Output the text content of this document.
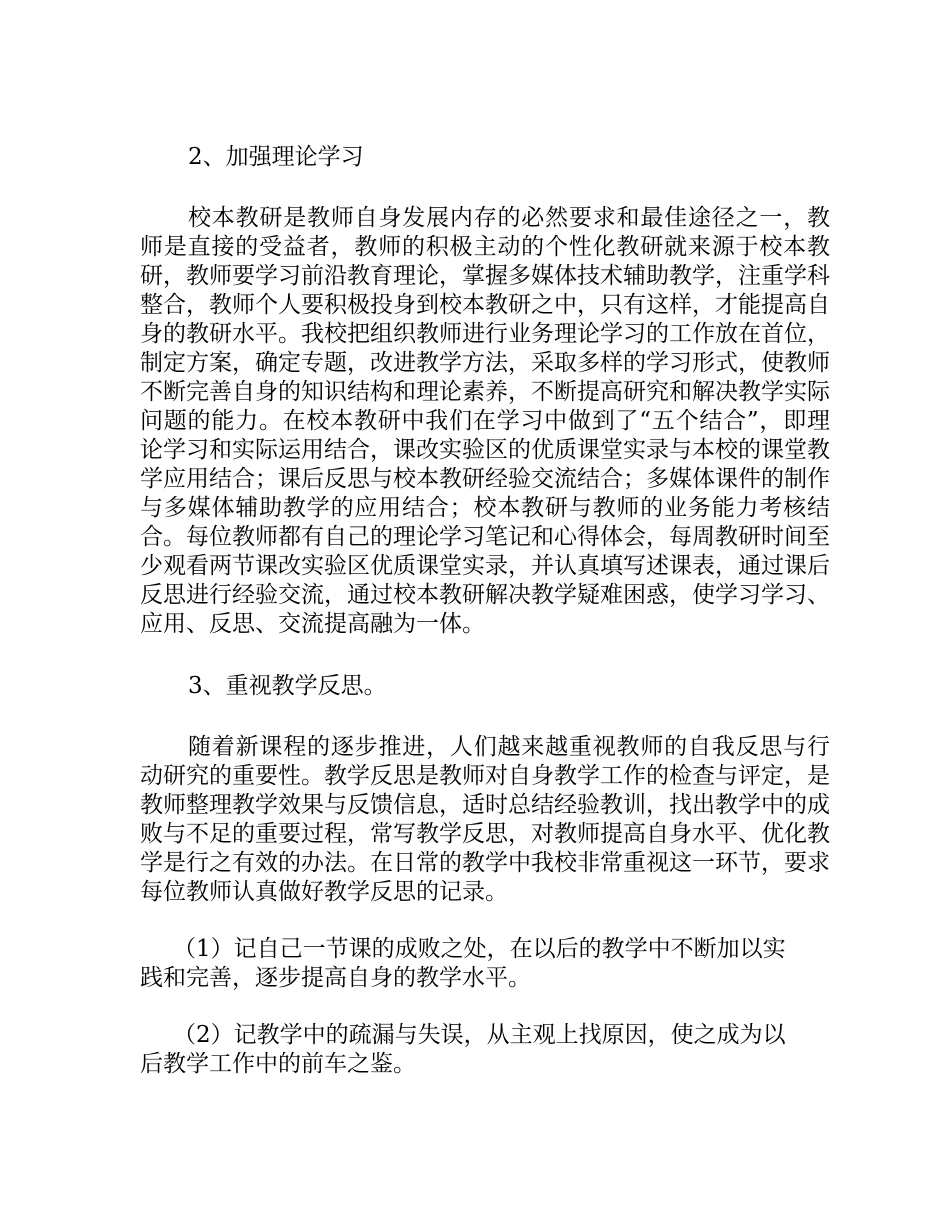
2、加强理论学习

校本教研是教师自身发展内存的必然要求和最佳途径之一，教师是直接的受益者，教师的积极主动的个性化教研就来源于校本教研，教师要学习前沿教育理论，掌握多媒体技术辅助教学，注重学科整合，教师个人要积极投身到校本教研之中，只有这样，才能提高自身的教研水平。我校把组织教师进行业务理论学习的工作放在首位，制定方案，确定专题，改进教学方法，采取多样的学习形式，使教师不断完善自身的知识结构和理论素养，不断提高研究和解决教学实际问题的能力。在校本教研中我们在学习中做到了“五个结合”，即理论学习和实际运用结合，课改实验区的优质课堂实录与本校的课堂教学应用结合；课后反思与校本教研经验交流结合；多媒体课件的制作与多媒体辅助教学的应用结合；校本教研与教师的业务能力考核结合。每位教师都有自己的理论学习笔记和心得体会，每周教研时间至少观看两节课改实验区优质课堂实录，并认真填写述课表，通过课后反思进行经验交流，通过校本教研解决教学疑难困惑，使学习学习、应用、反思、交流提高融为一体。

3、重视教学反思。

随着新课程的逐步推进，人们越来越重视教师的自我反思与行动研究的重要性。教学反思是教师对自身教学工作的检查与评定，是教师整理教学效果与反馈信息，适时总结经验教训，找出教学中的成败与不足的重要过程，常写教学反思，对教师提高自身水平、优化教学是行之有效的办法。在日常的教学中我校非常重视这一环节，要求每位教师认真做好教学反思的记录。

（1）记自己一节课的成败之处，在以后的教学中不断加以实践和完善，逐步提高自身的教学水平。

（2）记教学中的疏漏与失误，从主观上找原因，使之成为以后教学工作中的前车之鉴。
